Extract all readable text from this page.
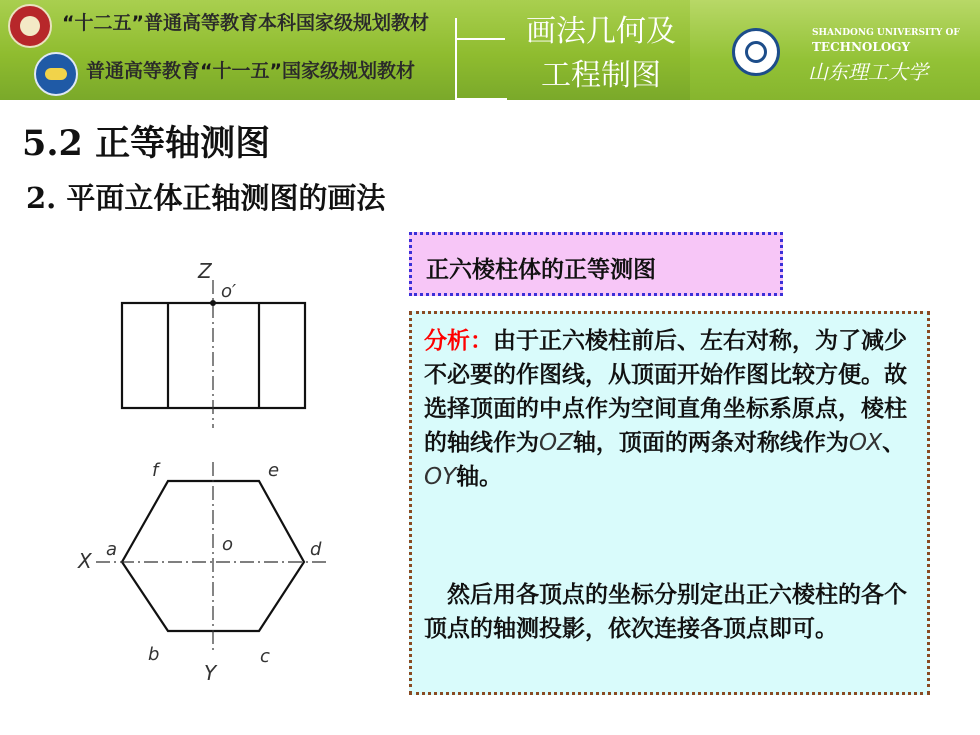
“十二五”普通高等教育本科国家级规划教材
普通高等教育“十一五”国家级规划教材
画法几何及
工程制图
SHANDONG UNIVERSITY OF
TECHNOLOGY
山东理工大学
5.2 正等轴测图
2. 平面立体正轴测图的画法
Z
o′
X a	o	d
f	e
b	c
Y
正六棱柱体的正等测图
分析：由于正六棱柱前后、左右对称，为了减少不必要的作图线，从顶面开始作图比较方便。故选择顶面的中点作为空间直角坐标系原点，棱柱的轴线作为OZ轴，顶面的两条对称线作为OX、OY轴。
 然后用各顶点的坐标分别定出正六棱柱的各个顶点的轴测投影，依次连接各顶点即可。
